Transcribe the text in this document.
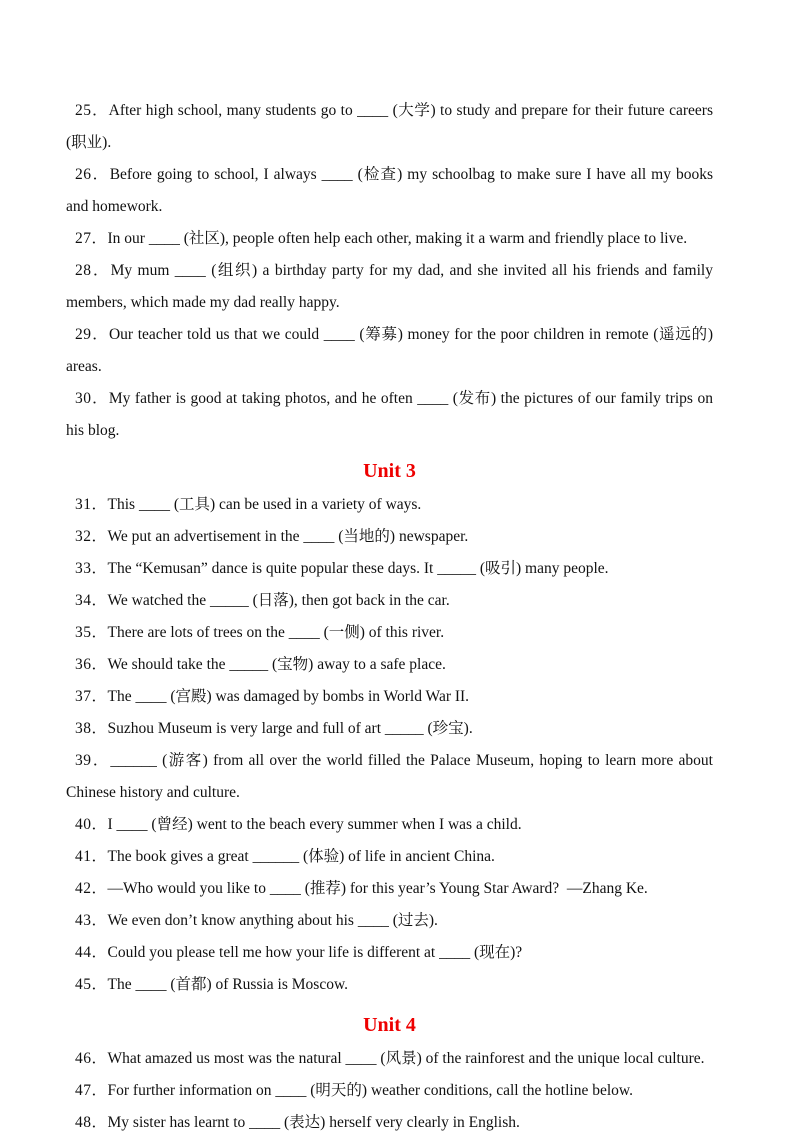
25．After high school, many students go to ____ (大学) to study and prepare for their future careers (职业).

26．Before going to school, I always ____ (检查) my schoolbag to make sure I have all my books and homework.

27．In our ____ (社区), people often help each other, making it a warm and friendly place to live.

28．My mum ____ (组织) a birthday party for my dad, and she invited all his friends and family members, which made my dad really happy.

29．Our teacher told us that we could ____ (筹募) money for the poor children in remote (遥远的) areas.

30．My father is good at taking photos, and he often ____ (发布) the pictures of our family trips on his blog.

Unit 3

31．This ____ (工具) can be used in a variety of ways.

32．We put an advertisement in the ____ (当地的) newspaper.

33．The “Kemusan” dance is quite popular these days. It _____ (吸引) many people.

34．We watched the _____ (日落), then got back in the car.

35．There are lots of trees on the ____ (一侧) of this river.

36．We should take the _____ (宝物) away to a safe place.

37．The ____ (宫殿) was damaged by bombs in World War II.

38．Suzhou Museum is very large and full of art _____ (珍宝).

39．______ (游客) from all over the world filled the Palace Museum, hoping to learn more about Chinese history and culture.

40．I ____ (曾经) went to the beach every summer when I was a child.

41．The book gives a great ______ (体验) of life in ancient China.

42．—Who would you like to ____ (推荐) for this year’s Young Star Award?  —Zhang Ke.

43．We even don’t know anything about his ____ (过去).

44．Could you please tell me how your life is different at ____ (现在)?

45．The ____ (首都) of Russia is Moscow.

Unit 4

46．What amazed us most was the natural ____ (风景) of the rainforest and the unique local culture.

47．For further information on ____ (明天的) weather conditions, call the hotline below.

48．My sister has learnt to ____ (表达) herself very clearly in English.
